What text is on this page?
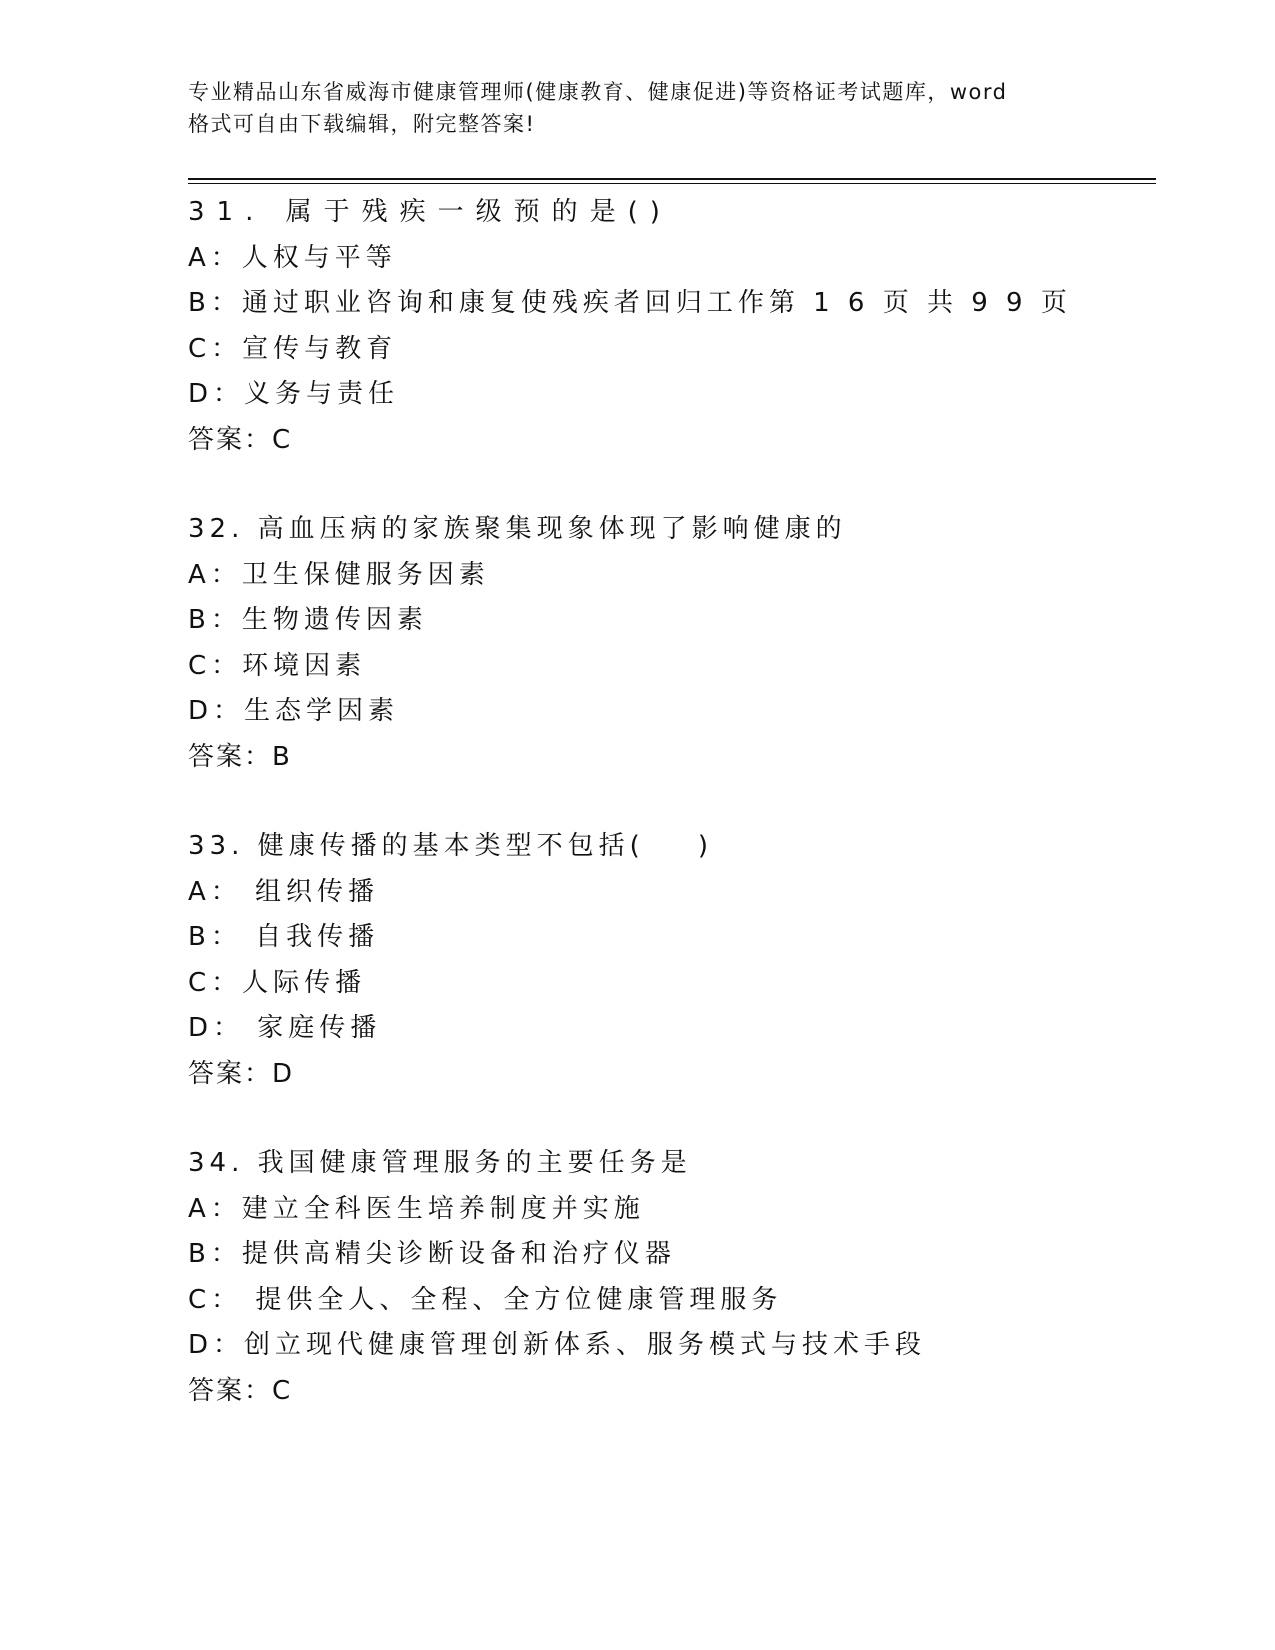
专业精品山东省威海市健康管理师(健康教育、健康促进)等资格证考试题库，word
格式可自由下载编辑，附完整答案!
31. 属于残疾一级预的是()
A：人权与平等
B：通过职业咨询和康复使残疾者回归工作第 1 6 页 共 9 9 页
C：宣传与教育
D：义务与责任
答案：C
32. 高血压病的家族聚集现象体现了影响健康的
A：卫生保健服务因素
B：生物遗传因素
C：环境因素
D：生态学因素
答案：B
33. 健康传播的基本类型不包括(    )
A： 组织传播
B： 自我传播
C：人际传播
D： 家庭传播
答案：D
34. 我国健康管理服务的主要任务是
A：建立全科医生培养制度并实施
B：提供高精尖诊断设备和治疗仪器
C： 提供全人、全程、全方位健康管理服务
D：创立现代健康管理创新体系、服务模式与技术手段
答案：C
